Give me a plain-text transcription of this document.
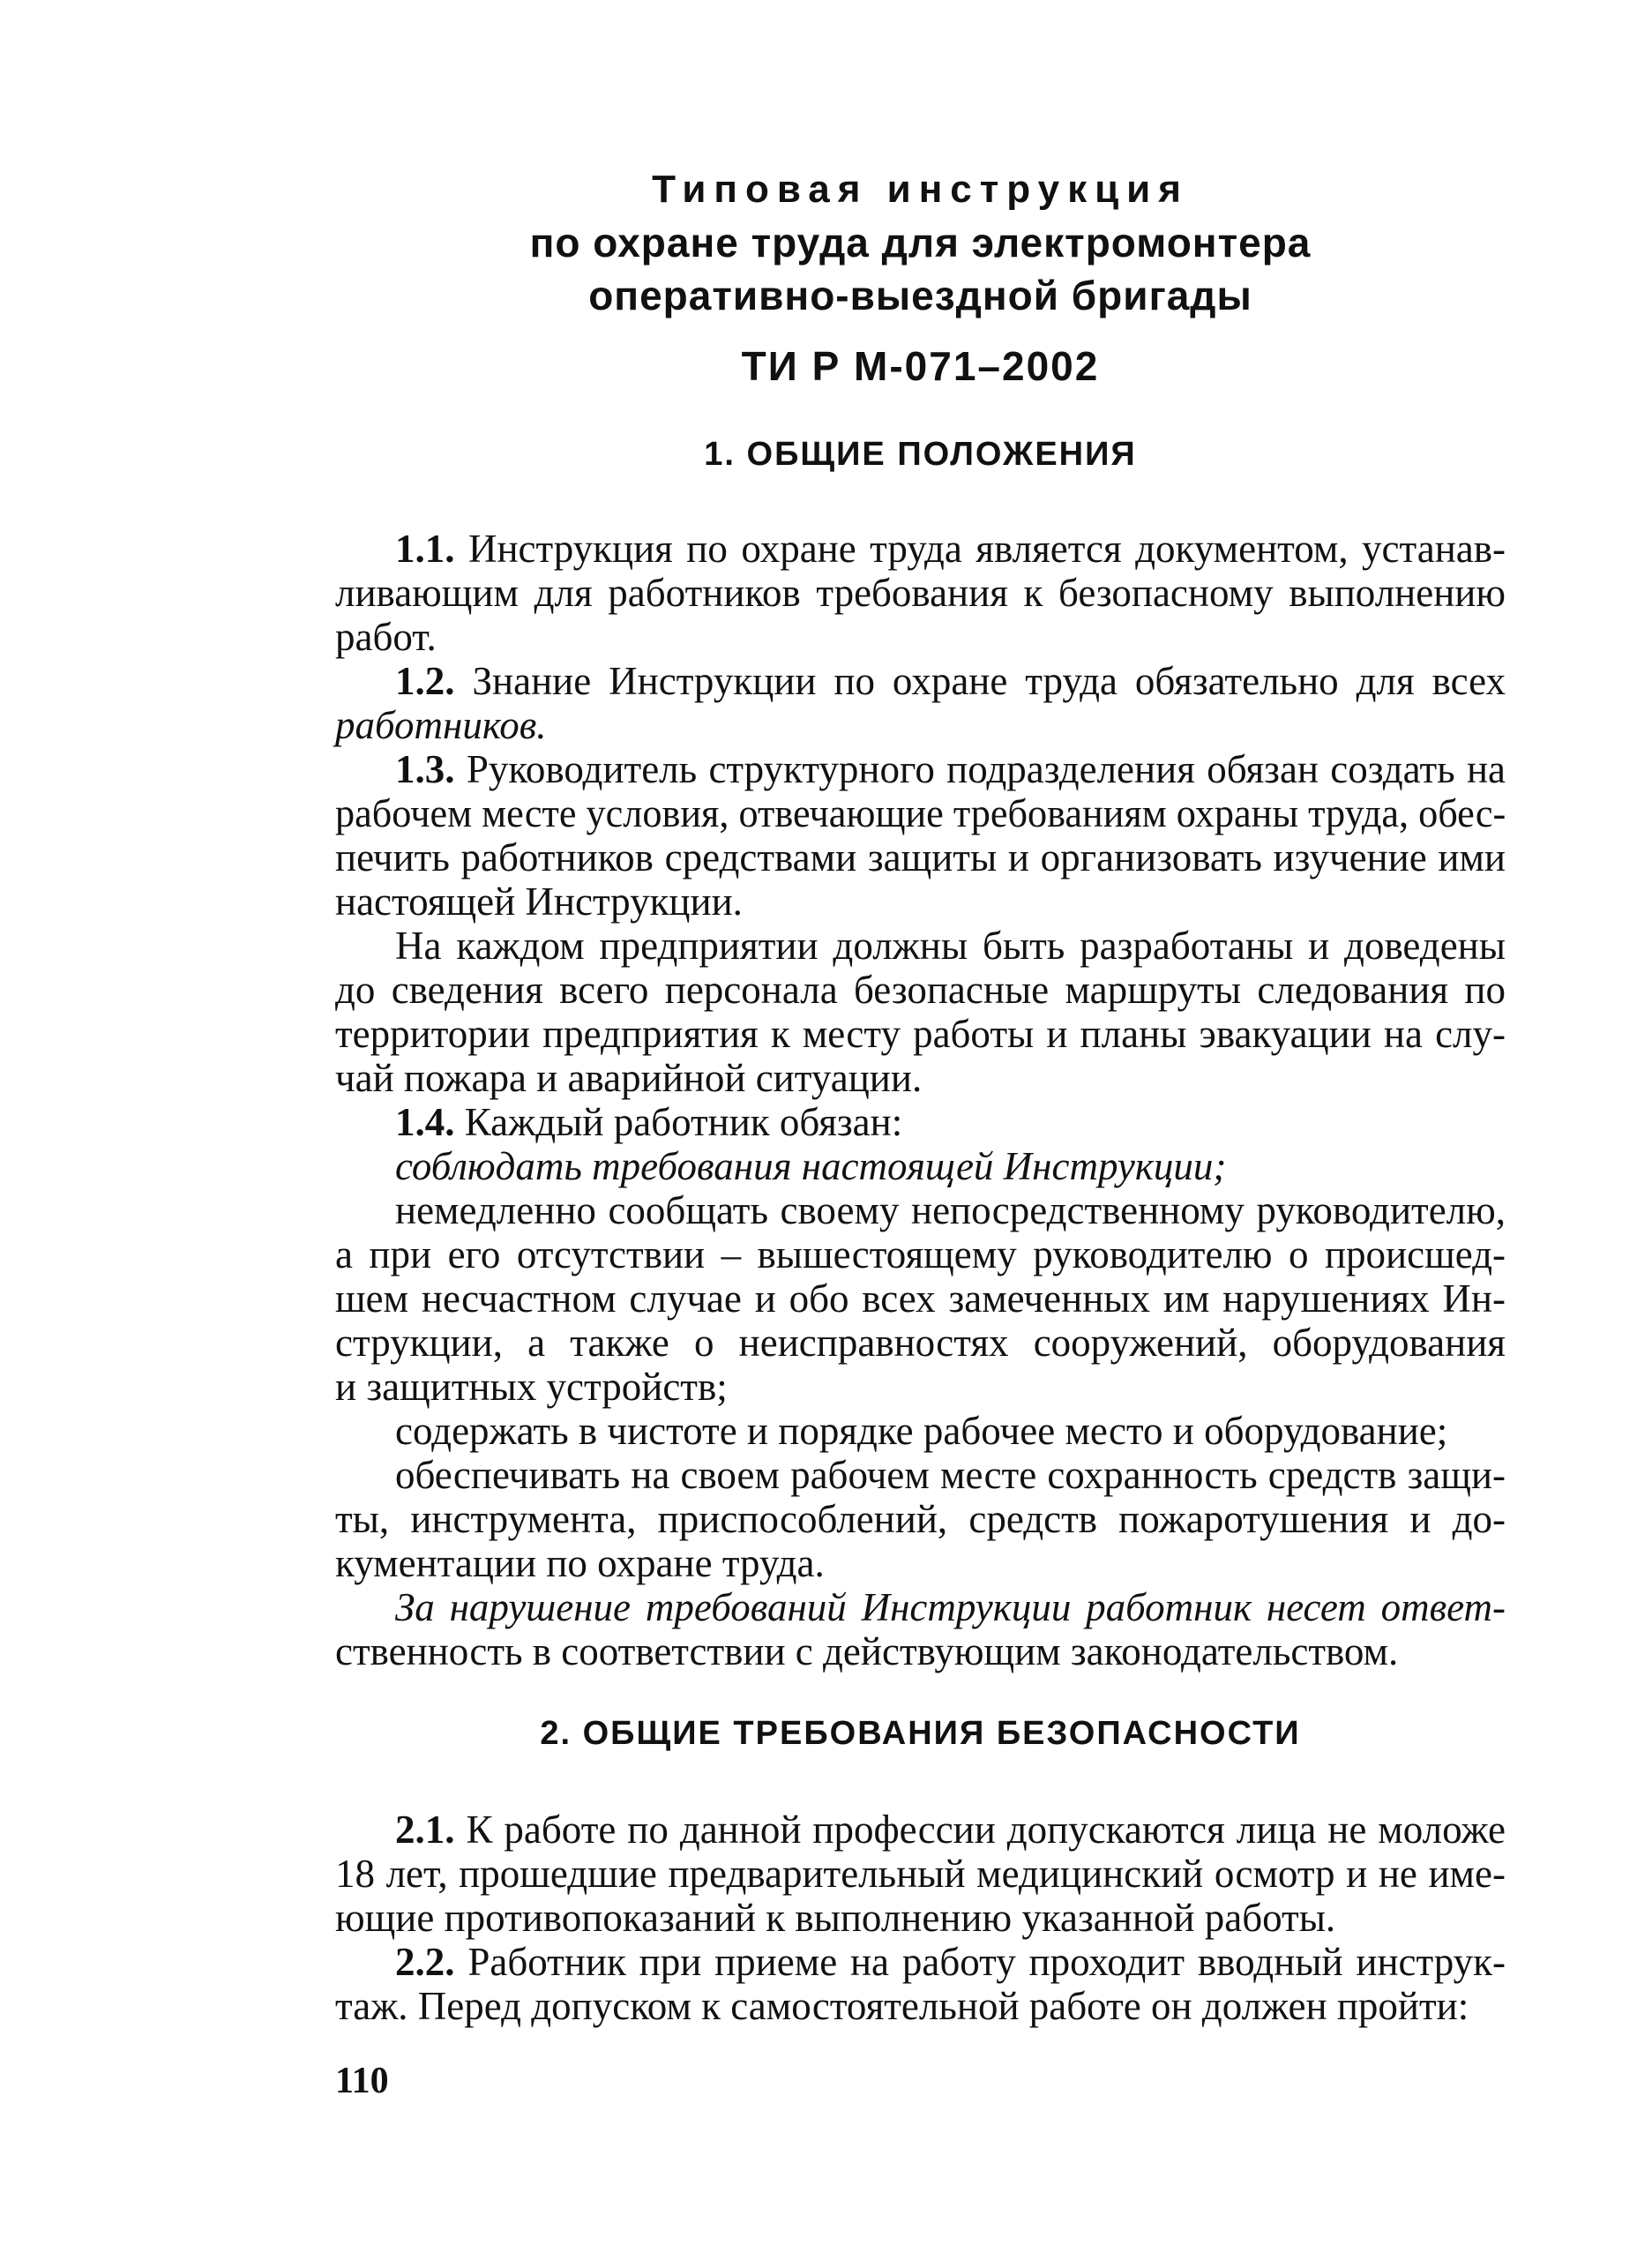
Типовая инструкция
по охране труда для электромонтера
оперативно-выездной бригады
ТИ Р М-071–2002
1. ОБЩИЕ ПОЛОЖЕНИЯ
1.1. Инструкция по охране труда является документом, устанав-
ливающим для работников требования к безопасному выполнению
работ.
1.2. Знание Инструкции по охране труда обязательно для всех
работников.
1.3. Руководитель структурного подразделения обязан создать на
рабочем месте условия, отвечающие требованиям охраны труда, обес-
печить работников средствами защиты и организовать изучение ими
настоящей Инструкции.
На каждом предприятии должны быть разработаны и доведены
до сведения всего персонала безопасные маршруты следования по
территории предприятия к месту работы и планы эвакуации на слу-
чай пожара и аварийной ситуации.
1.4. Каждый работник обязан:
соблюдать требования настоящей Инструкции;
немедленно сообщать своему непосредственному руководителю,
а при его отсутствии – вышестоящему руководителю о происшед-
шем несчастном случае и обо всех замеченных им нарушениях Ин-
струкции, а также о неисправностях сооружений, оборудования
и защитных устройств;
содержать в чистоте и порядке рабочее место и оборудование;
обеспечивать на своем рабочем месте сохранность средств защи-
ты, инструмента, приспособлений, средств пожаротушения и до-
кументации по охране труда.
За нарушение требований Инструкции работник несет ответ-
ственность в соответствии с действующим законодательством.
2. ОБЩИЕ ТРЕБОВАНИЯ БЕЗОПАСНОСТИ
2.1. К работе по данной профессии допускаются лица не моложе
18 лет, прошедшие предварительный медицинский осмотр и не име-
ющие противопоказаний к выполнению указанной работы.
2.2. Работник при приеме на работу проходит вводный инструк-
таж. Перед допуском к самостоятельной работе он должен пройти:
110
